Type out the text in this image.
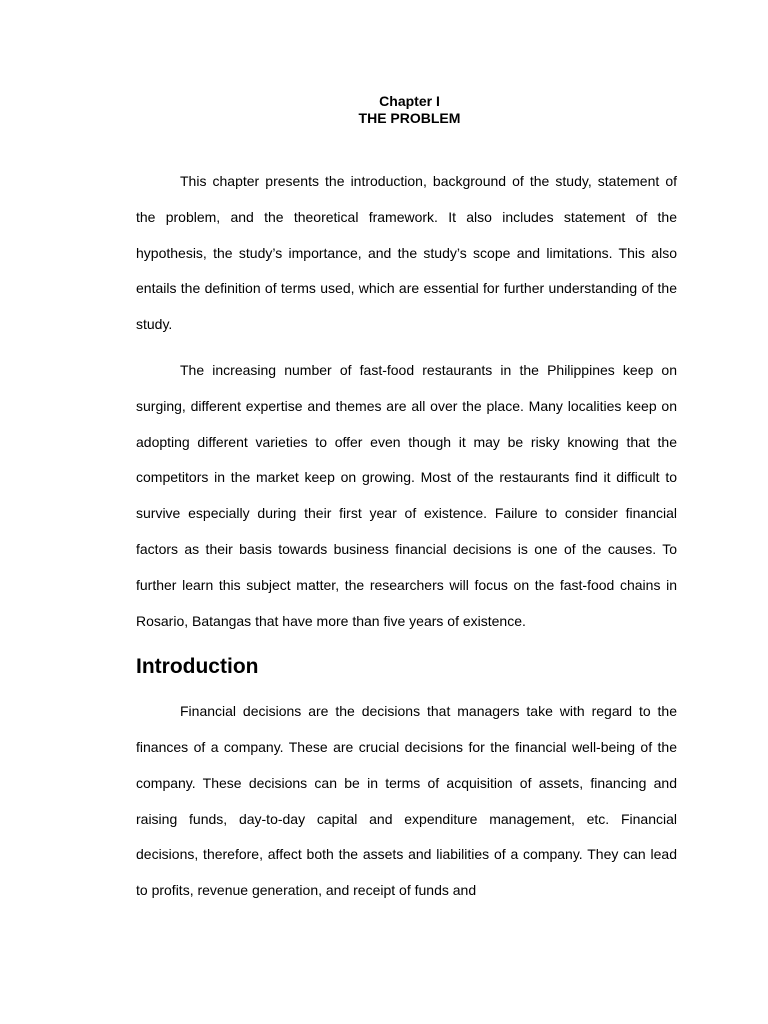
Chapter I
THE PROBLEM

This chapter presents the introduction, background of the study, statement of the problem, and the theoretical framework. It also includes statement of the hypothesis, the study’s importance, and the study’s scope and limitations. This also entails the definition of terms used, which are essential for further understanding of the study.

The increasing number of fast-food restaurants in the Philippines keep on surging, different expertise and themes are all over the place. Many localities keep on adopting different varieties to offer even though it may be risky knowing that the competitors in the market keep on growing. Most of the restaurants find it difficult to survive especially during their first year of existence. Failure to consider financial factors as their basis towards business financial decisions is one of the causes. To further learn this subject matter, the researchers will focus on the fast-food chains in Rosario, Batangas that have more than five years of existence.

Introduction

Financial decisions are the decisions that managers take with regard to the finances of a company. These are crucial decisions for the financial well-being of the company. These decisions can be in terms of acquisition of assets, financing and raising funds, day-to-day capital and expenditure management, etc. Financial decisions, therefore, affect both the assets and liabilities of a company. They can lead to profits, revenue generation, and receipt of funds and
